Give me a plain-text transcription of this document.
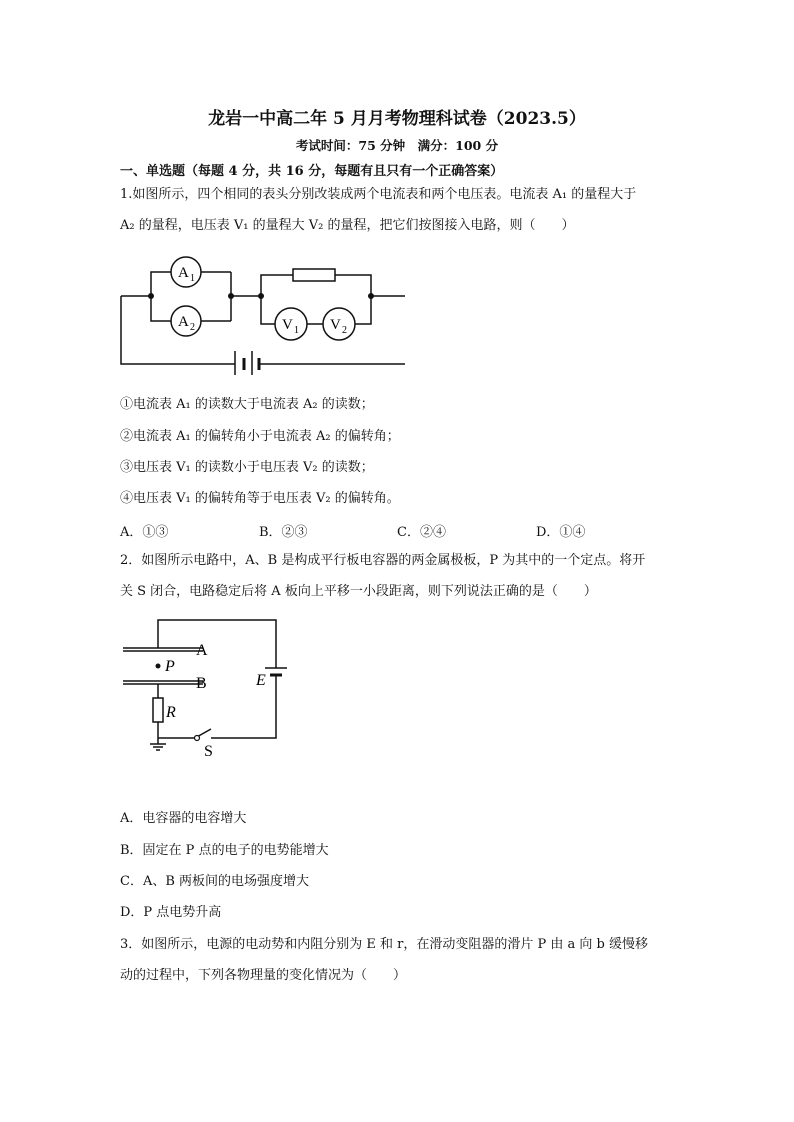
龙岩一中高二年 5 月月考物理科试卷（2023.5）
考试时间：75 分钟　满分：100 分
一、单选题（每题 4 分，共 16 分，每题有且只有一个正确答案）
1.如图所示，四个相同的表头分别改装成两个电流表和两个电压表。电流表 A₁ 的量程大于
A₂ 的量程，电压表 V₁ 的量程大 V₂ 的量程，把它们按图接入电路，则（　　）
A 1
A 2	V 1 V 2
①电流表 A₁ 的读数大于电流表 A₂ 的读数；
②电流表 A₁ 的偏转角小于电流表 A₂ 的偏转角；
③电压表 V₁ 的读数小于电压表 V₂ 的读数；
④电压表 V₁ 的偏转角等于电压表 V₂ 的偏转角。
A．①③	B．②③	C．②④	D．①④
2．如图所示电路中，A、B 是构成平行板电容器的两金属极板，P 为其中的一个定点。将开
关 S 闭合，电路稳定后将 A 板向上平移一小段距离，则下列说法正确的是（　　）
A
B
P
E
R
S
A．电容器的电容增大
B．固定在 P 点的电子的电势能增大
C．A、B 两板间的电场强度增大
D．P 点电势升高
3．如图所示，电源的电动势和内阻分别为 E 和 r，在滑动变阻器的滑片 P 由 a 向 b 缓慢移
动的过程中，下列各物理量的变化情况为（　　）
